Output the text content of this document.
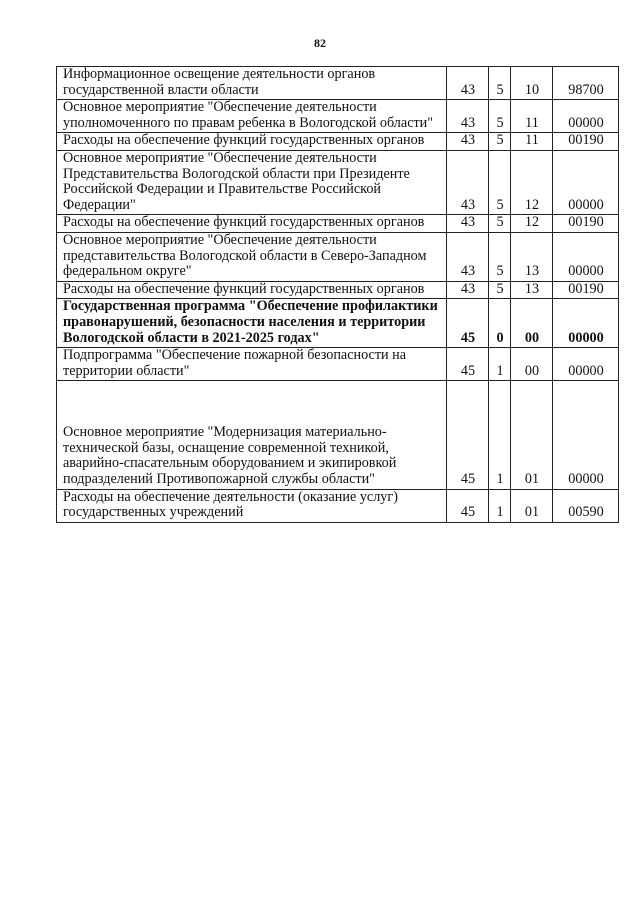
82
Информационное освещение деятельности органов государственной власти области	43	5	10	98700
Основное мероприятие "Обеспечение деятельности уполномоченного по правам ребенка в Вологодской области"	43	5	11	00000
Расходы на обеспечение функций государственных органов	43	5	11	00190
Основное мероприятие "Обеспечение деятельности Представительства Вологодской области при Президенте Российской Федерации и Правительстве Российской Федерации"	43	5	12	00000
Расходы на обеспечение функций государственных органов	43	5	12	00190
Основное мероприятие "Обеспечение деятельности представительства Вологодской области в Северо-Западном федеральном округе"	43	5	13	00000
Расходы на обеспечение функций государственных органов	43	5	13	00190
Государственная программа "Обеспечение профилактики правонарушений, безопасности населения и территории Вологодской области в 2021-2025 годах"	45	0	00	00000
Подпрограмма "Обеспечение пожарной безопасности на территории области"	45	1	00	00000
Основное мероприятие "Модернизация материально-технической базы, оснащение современной техникой, аварийно-спасательным оборудованием и экипировкой подразделений Противопожарной службы области"	45	1	01	00000
Расходы на обеспечение деятельности (оказание услуг) государственных учреждений	45	1	01	00590
